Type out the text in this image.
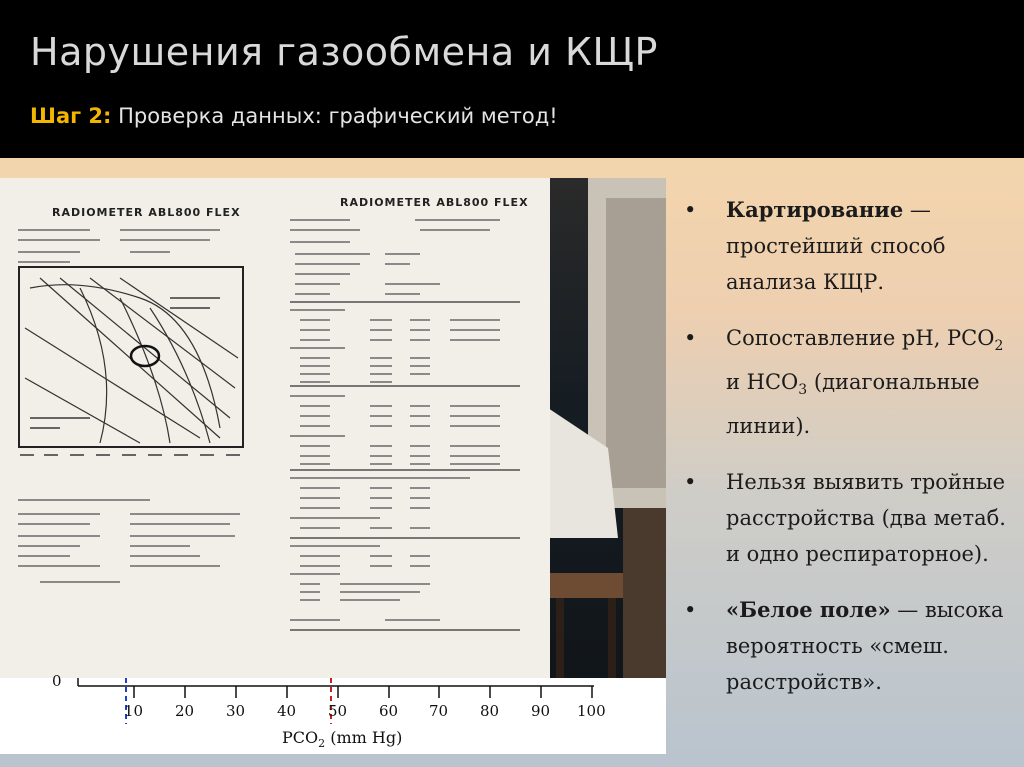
Нарушения газообмена и КЩР
Шаг 2: Проверка данных: графический метод!
RADIOMETER ABL800 FLEX
RADIOMETER ABL800 FLEX
0
10 20 30 40 50 60 70 80 90 100
$PCO_2$ (mm Hg)
• Картирование — простейший способ анализа КЩР.
• Сопоставление pH, $PCO_2$ и $HCO_3$ (диагональные линии).
• Нельзя выявить тройные расстройства (два метаб. и одно респираторное).
• «Белое поле» — высока вероятность «смеш. расстройств».
